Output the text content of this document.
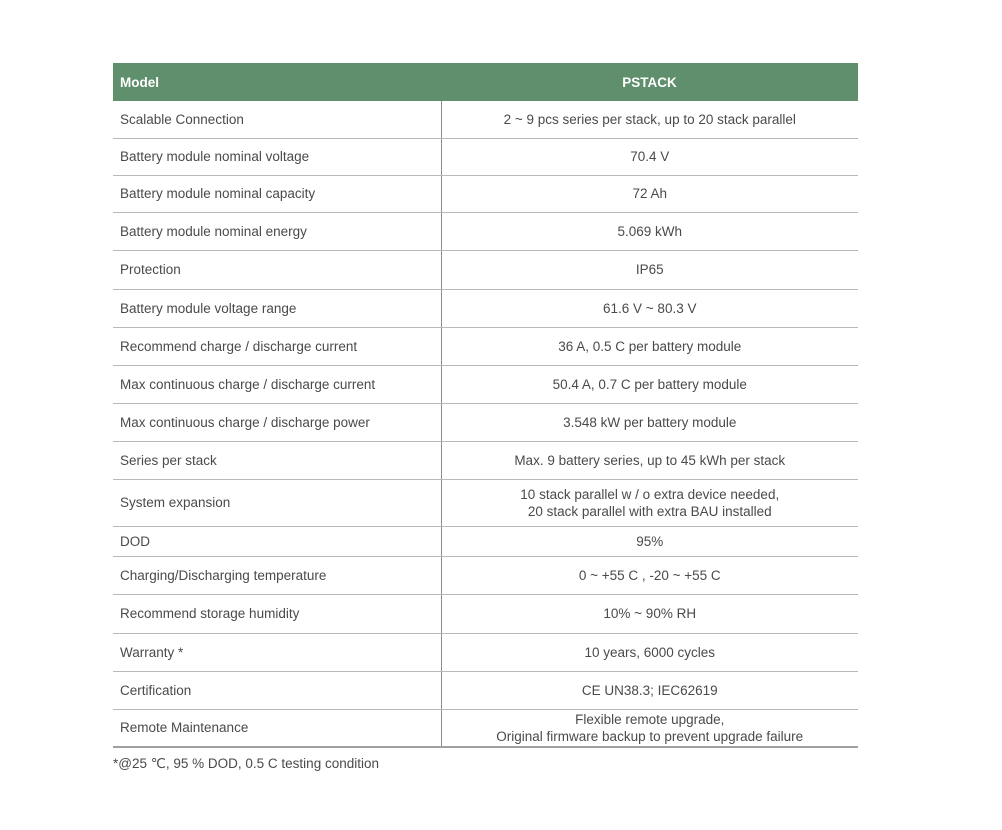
Model	PSTACK
Scalable Connection	2 ~ 9 pcs series per stack, up to 20 stack parallel
Battery module nominal voltage	70.4 V
Battery module nominal capacity	72 Ah
Battery module nominal energy	5.069 kWh
Protection	IP65
Battery module voltage range	61.6 V ~ 80.3 V
Recommend charge / discharge current	36 A, 0.5 C per battery module
Max continuous charge / discharge current	50.4 A, 0.7 C per battery module
Max continuous charge / discharge power	3.548 kW per battery module
Series per stack	Max. 9 battery series, up to 45 kWh per stack
System expansion	10 stack parallel w / o extra device needed,
20 stack parallel with extra BAU installed

DOD	95%
Charging/Discharging temperature	0 ~ +55 C , -20 ~ +55 C
Recommend storage humidity	10% ~ 90% RH
Warranty *	10 years, 6000 cycles
Certification	CE UN38.3; IEC62619
Remote Maintenance	Flexible remote upgrade,
Original firmware backup to prevent upgrade failure
*@25 ℃, 95 % DOD, 0.5 C testing condition
